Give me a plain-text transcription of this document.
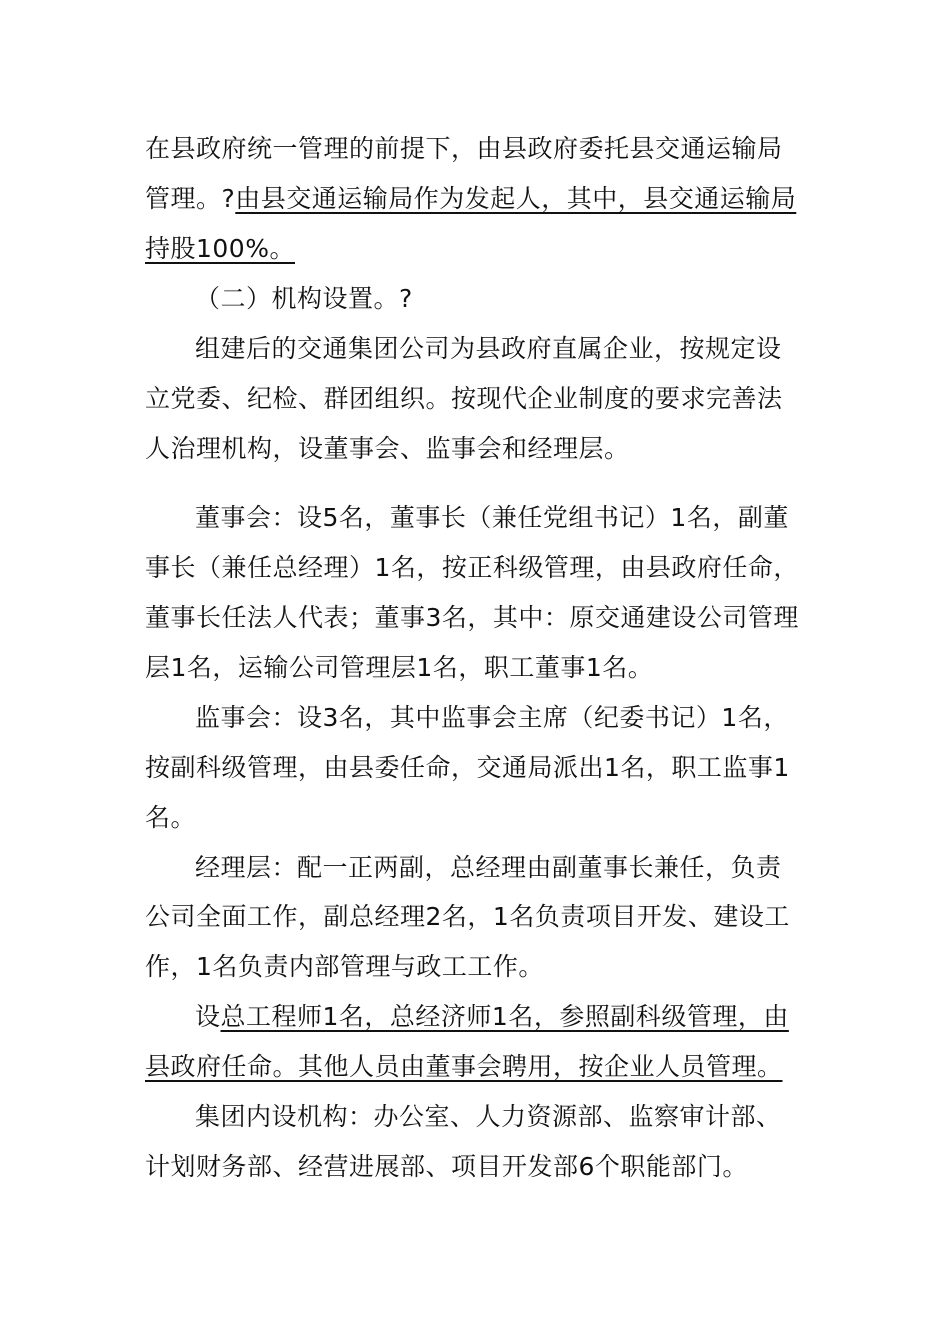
在县政府统一管理的前提下，由县政府委托县交通运输局
管理。?由县交通运输局作为发起人，其中，县交通运输局
持股100%。
（二）机构设置。?
组建后的交通集团公司为县政府直属企业，按规定设
立党委、纪检、群团组织。按现代企业制度的要求完善法
人治理机构，设董事会、监事会和经理层。
董事会：设5名，董事长（兼任党组书记）1名，副董
事长（兼任总经理）1名，按正科级管理，由县政府任命，
董事长任法人代表；董事3名，其中：原交通建设公司管理
层1名，运输公司管理层1名，职工董事1名。
监事会：设3名，其中监事会主席（纪委书记）1名，
按副科级管理，由县委任命，交通局派出1名，职工监事1
名。
经理层：配一正两副，总经理由副董事长兼任，负责
公司全面工作，副总经理2名，1名负责项目开发、建设工
作，1名负责内部管理与政工工作。
设总工程师1名，总经济师1名，参照副科级管理，由
县政府任命。其他人员由董事会聘用，按企业人员管理。
集团内设机构：办公室、人力资源部、监察审计部、
计划财务部、经营进展部、项目开发部6个职能部门。
